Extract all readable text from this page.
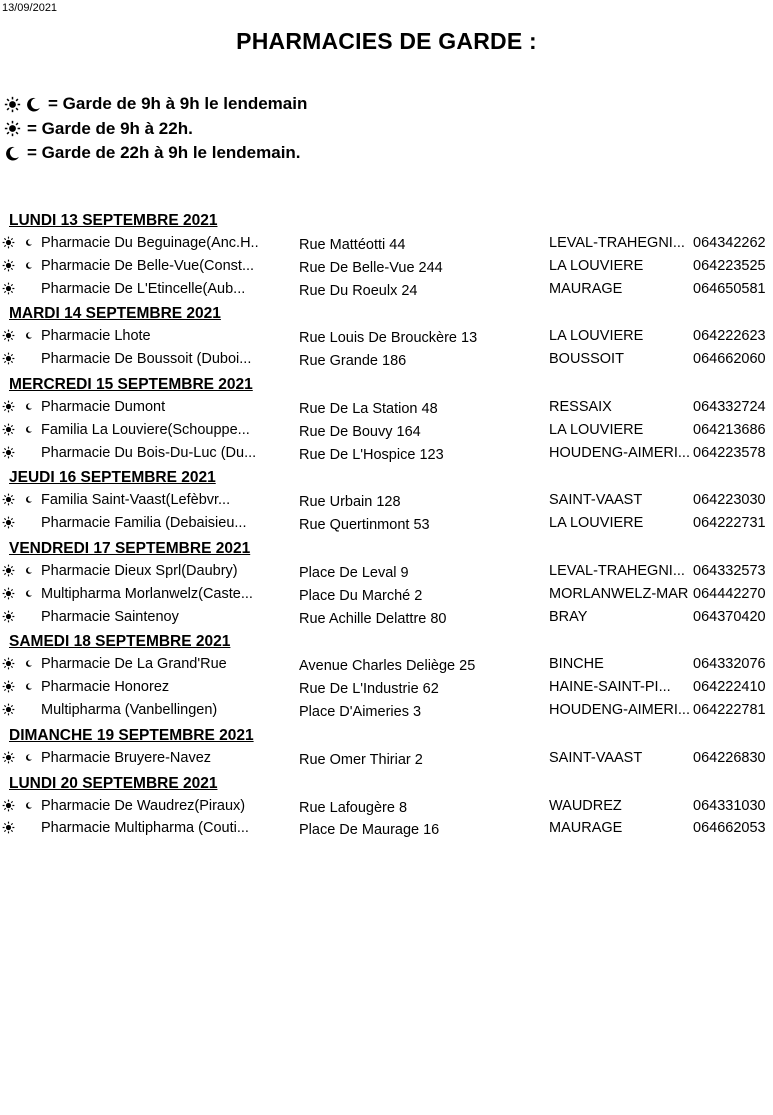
13/09/2021
PHARMACIES DE GARDE :
= Garde de 9h à 9h le lendemain
= Garde de 9h à 22h.
= Garde de 22h à 9h le lendemain.
LUNDI 13 SEPTEMBRE 2021
Pharmacie Du Beguinage(Anc.H..	Rue Mattéotti 44	LEVAL-TRAHEGNI... 064342262
Pharmacie De Belle-Vue(Const...	Rue De Belle-Vue 244	LA LOUVIERE	064223525
Pharmacie De L'Etincelle(Aub...	Rue Du Roeulx 24	MAURAGE	064650581
MARDI 14 SEPTEMBRE 2021
Pharmacie Lhote	Rue Louis De Brouckère 13	LA LOUVIERE	064222623
Pharmacie De Boussoit (Duboi...	Rue Grande 186	BOUSSOIT	064662060
MERCREDI 15 SEPTEMBRE 2021
Pharmacie Dumont	Rue De La Station 48	RESSAIX	064332724
Familia La Louviere(Schouppe...	Rue De Bouvy 164	LA LOUVIERE	064213686
Pharmacie Du Bois-Du-Luc (Du...	Rue De L'Hospice 123	HOUDENG-AIMERI... 064223578
JEUDI 16 SEPTEMBRE 2021
Familia Saint-Vaast(Lefèbvr...	Rue Urbain 128	SAINT-VAAST	064223030
Pharmacie Familia (Debaisieu...	Rue Quertinmont 53	LA LOUVIERE	064222731
VENDREDI 17 SEPTEMBRE 2021
Pharmacie Dieux Sprl(Daubry)	Place De Leval 9	LEVAL-TRAHEGNI... 064332573
Multipharma Morlanwelz(Caste...	Place Du Marché 2	MORLANWELZ-MAR 064442270
Pharmacie Saintenoy	Rue Achille Delattre 80	BRAY	064370420
SAMEDI 18 SEPTEMBRE 2021
Pharmacie De La Grand'Rue	Avenue Charles Deliège 25	BINCHE	064332076
Pharmacie Honorez	Rue De L'Industrie 62	HAINE-SAINT-PI... 064222410
Multipharma (Vanbellingen)	Place D'Aimeries 3	HOUDENG-AIMERI... 064222781
DIMANCHE 19 SEPTEMBRE 2021
Pharmacie Bruyere-Navez	Rue Omer Thiriar 2	SAINT-VAAST	064226830
LUNDI 20 SEPTEMBRE 2021
Pharmacie De Waudrez(Piraux)	Rue Lafougère 8	WAUDREZ	064331030
Pharmacie Multipharma (Couti...	Place De Maurage 16	MAURAGE	064662053
